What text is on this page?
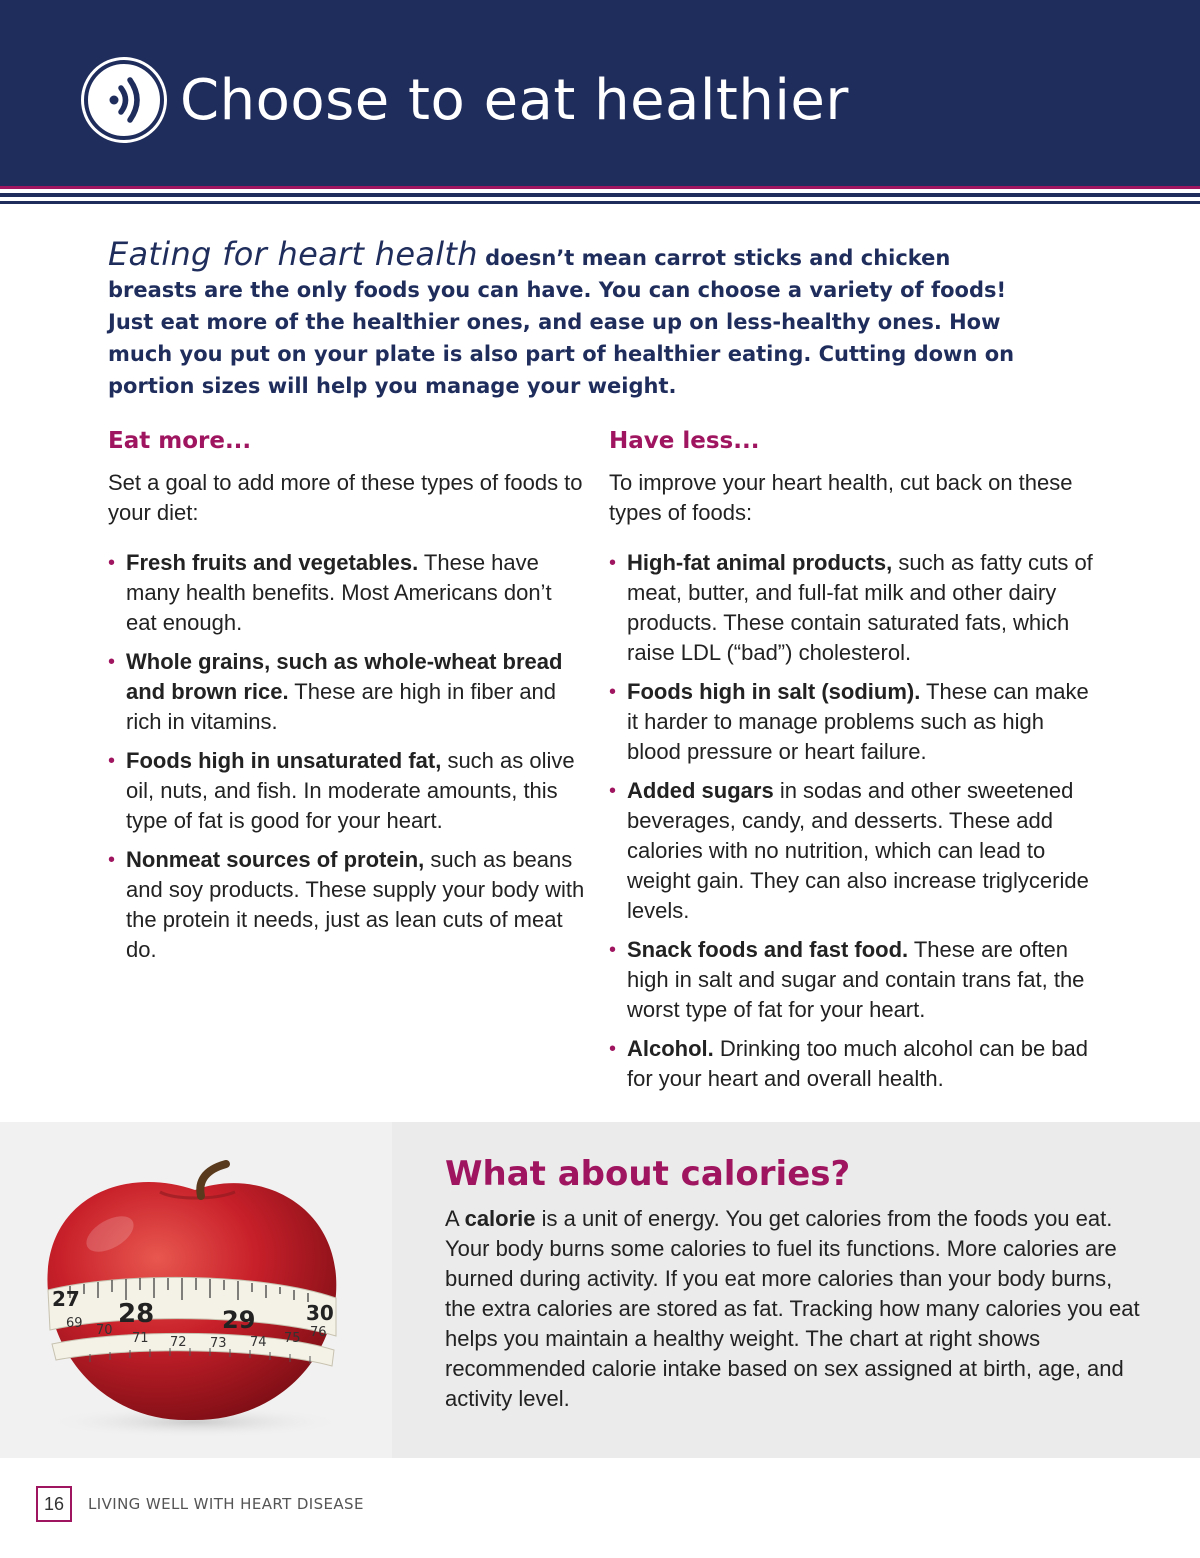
Choose to eat healthier
Eating for heart health doesn’t mean carrot sticks and chicken breasts are the only foods you can have. You can choose a variety of foods! Just eat more of the healthier ones, and ease up on less-healthy ones. How much you put on your plate is also part of healthier eating. Cutting down on portion sizes will help you manage your weight.
Eat more...
Set a goal to add more of these types of foods to your diet:
• Fresh fruits and vegetables. These have many health benefits. Most Americans don’t eat enough.
• Whole grains, such as whole-wheat bread and brown rice. These are high in fiber and rich in vitamins.
• Foods high in unsaturated fat, such as olive oil, nuts, and fish. In moderate amounts, this type of fat is good for your heart.
• Nonmeat sources of protein, such as beans and soy products. These supply your body with the protein it needs, just as lean cuts of meat do.
Have less...
To improve your heart health, cut back on these types of foods:
• High-fat animal products, such as fatty cuts of meat, butter, and full-fat milk and other dairy products. These contain saturated fats, which raise LDL (“bad”) cholesterol.
• Foods high in salt (sodium). These can make it harder to manage problems such as high blood pressure or heart failure.
• Added sugars in sodas and other sweetened beverages, candy, and desserts. These add calories with no nutrition, which can lead to weight gain. They can also increase triglyceride levels.
• Snack foods and fast food. These are often high in salt and sugar and contain trans fat, the worst type of fat for your heart.
• Alcohol. Drinking too much alcohol can be bad for your heart and overall health.
27 28	29	30
69 70
71 72 73 74 75 76
What about calories?

A calorie is a unit of energy. You get calories from the foods you eat. Your body burns some calories to fuel its functions. More calories are burned during activity. If you eat more calories than your body burns, the extra calories are stored as fat. Tracking how many calories you eat helps you maintain a healthy weight. The chart at right shows recommended calorie intake based on sex assigned at birth, age, and activity level.

16	LIVING WELL WITH HEART DISEASE
